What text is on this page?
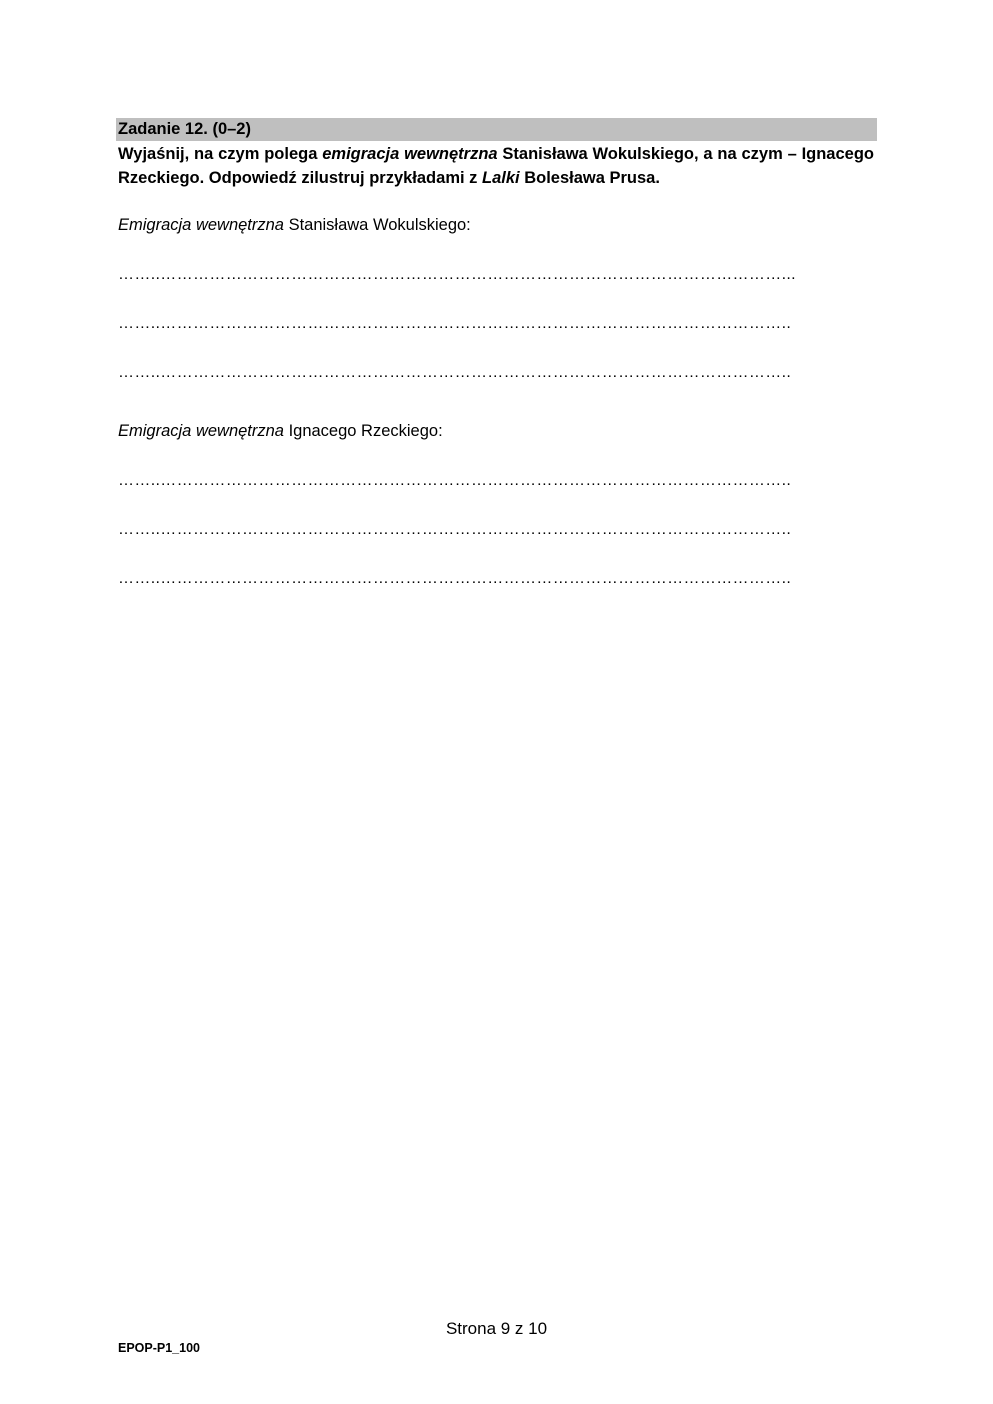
Zadanie 12. (0–2)
Wyjaśnij, na czym polega emigracja wewnętrzna Stanisława Wokulskiego, a na czym – Ignacego Rzeckiego. Odpowiedź zilustruj przykładami z Lalki Bolesława Prusa.
Emigracja wewnętrzna Stanisława Wokulskiego:
……..……………………………………………………………………………………………………...
……..……………………………………………………………………………………………………..
……..……………………………………………………………………………………………………..
Emigracja wewnętrzna Ignacego Rzeckiego:
……..……………………………………………………………………………………………………..
……..……………………………………………………………………………………………………..
……..……………………………………………………………………………………………………..
Strona 9 z 10
EPOP-P1_100
